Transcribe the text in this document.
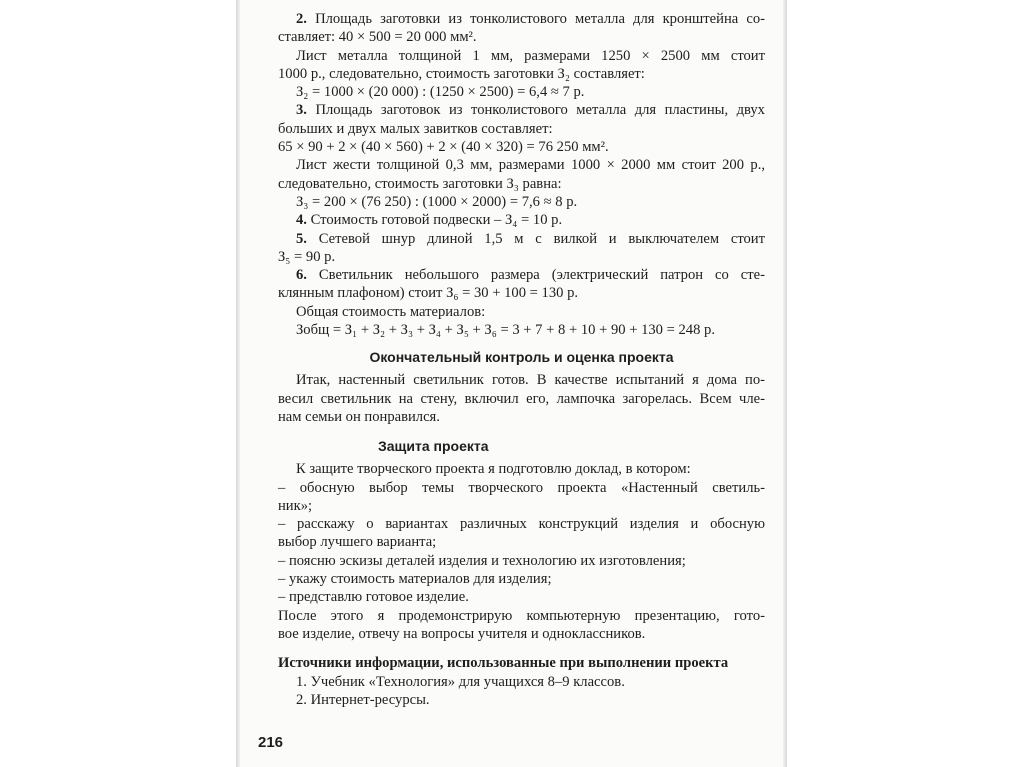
2. Площадь заготовки из тонколистового металла для кронштейна со-

ставляет: 40 × 500 = 20 000 мм².

Лист металла толщиной 1 мм, размерами 1250 × 2500 мм стоит

1000 р., следовательно, стоимость заготовки З₂ составляет:

З₂ = 1000 × (20 000) : (1250 × 2500) = 6,4 ≈ 7 р.

3. Площадь заготовок из тонколистового металла для пластины, двух

больших и двух малых завитков составляет:

65 × 90 + 2 × (40 × 560) + 2 × (40 × 320) = 76 250 мм².

Лист жести толщиной 0,3 мм, размерами 1000 × 2000 мм стоит 200 р.,

следовательно, стоимость заготовки З₃ равна:

З₃ = 200 × (76 250) : (1000 × 2000) = 7,6 ≈ 8 р.

4. Стоимость готовой подвески – З₄ = 10 р.

5. Сетевой шнур длиной 1,5 м с вилкой и выключателем стоит

З₅ = 90 р.

6. Светильник небольшого размера (электрический патрон со сте-

клянным плафоном) стоит З₆ = 30 + 100 = 130 р.

Общая стоимость материалов:

Зобщ = З₁ + З₂ + З₃ + З₄ + З₅ + З₆ = 3 + 7 + 8 + 10 + 90 + 130 = 248 р.

Окончательный контроль и оценка проекта

Итак, настенный светильник готов. В качестве испытаний я дома по-

весил светильник на стену, включил его, лампочка загорелась. Всем чле-

нам семьи он понравился.

Защита проекта

К защите творческого проекта я подготовлю доклад, в котором:

– обосную выбор темы творческого проекта «Настенный светиль-

ник»;

– расскажу о вариантах различных конструкций изделия и обосную

выбор лучшего варианта;

– поясню эскизы деталей изделия и технологию их изготовления;

– укажу стоимость материалов для изделия;

– представлю готовое изделие.

После этого я продемонстрирую компьютерную презентацию, гото-

вое изделие, отвечу на вопросы учителя и одноклассников.

Источники информации, использованные при выполнении проекта

1. Учебник «Технология» для учащихся 8–9 классов.

2. Интернет-ресурсы.

216
